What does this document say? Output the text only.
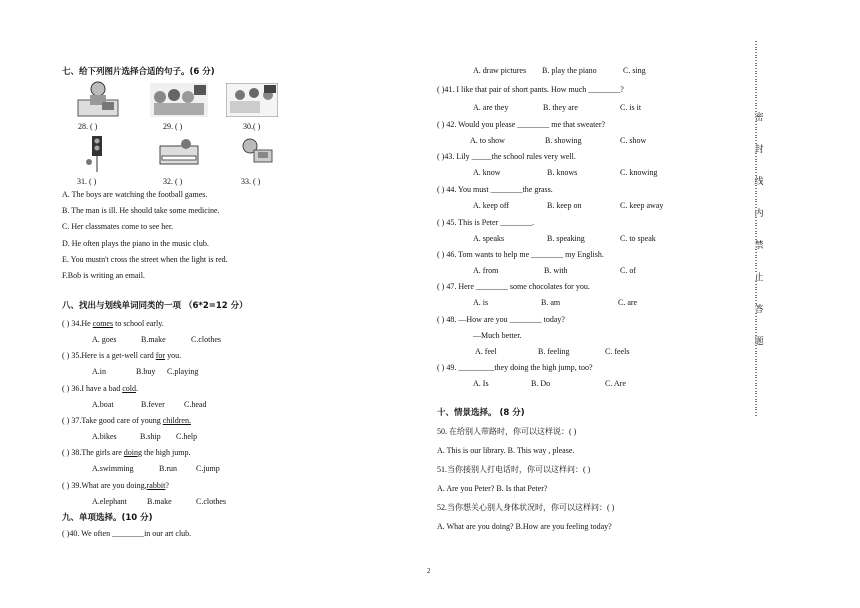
七、给下列图片选择合适的句子。(6 分)
28. ( )	29. ( )	30.( )
31. ( )	32. ( )	33. ( )
A. The boys are watching the football games.
B. The man is ill. He should take some medicine.
C. Her classmates come to see her.
D. He often plays the piano in the music club.
E. You mustn't cross the street when the light is red.
F.Bob is writing an email.
八、找出与划线单词同类的一项 （6*2=12 分）
( ) 34.He comes to school early.
A. goes	B.make	C.clothes
( ) 35.Here is a get-well card for you.
A.in	B.buy C.playing
( ) 36.I have a bad cold.
A.boat	B.fever C.head
( ) 37.Take good care of young children.
A.bikes	B.ship C.help
( ) 38.The girls are doing the high jump.
A.swimming	B.run C.jump
( ) 39.What are you doing,rabbit?
A.elephant	B.make	C.clothes
九、单项选择。(10 分)
( )40. We often ________in our art club.
A. draw pictures B. play the piano	C. sing
( )41. I like that pair of short pants. How much ________?
A. are they	B. they are	C. is it
( ) 42. Would you please ________ me that sweater?
A. to show	B. showing	C. show
( )43. Lily _____the school rules very well.
A. know	B. knows	C. knowing
( ) 44. You must ________the grass.
A. keep off	B. keep on	C. keep away
( ) 45. This is Peter ________.
A. speaks	B. speaking	C. to speak
( ) 46. Tom wants to help me ________ my English.
A. from	B. with	C. of
( ) 47. Here ________ some chocolates for you.
A. is	B. am	C. are
( ) 48. —How are you ________ today?
—Much better.
A. feel	B. feeling	C. feels
( ) 49. _________they doing the high jump, too?
A. Is	B. Do	C. Are
十、情景选择。 (8 分)
50. 在给别人带路时，你可以这样说：( )
A. This is our library. B. This way , please.
51.当你接别人打电话时，你可以这样问：( )
A. Are you Peter? B. Is that Peter?
52.当你想关心别人身体状况时，你可以这样问：( )
A. What are you doing? B.How are you feeling today?
………………………密………封………线………内………禁………止………答………题………………………
2
